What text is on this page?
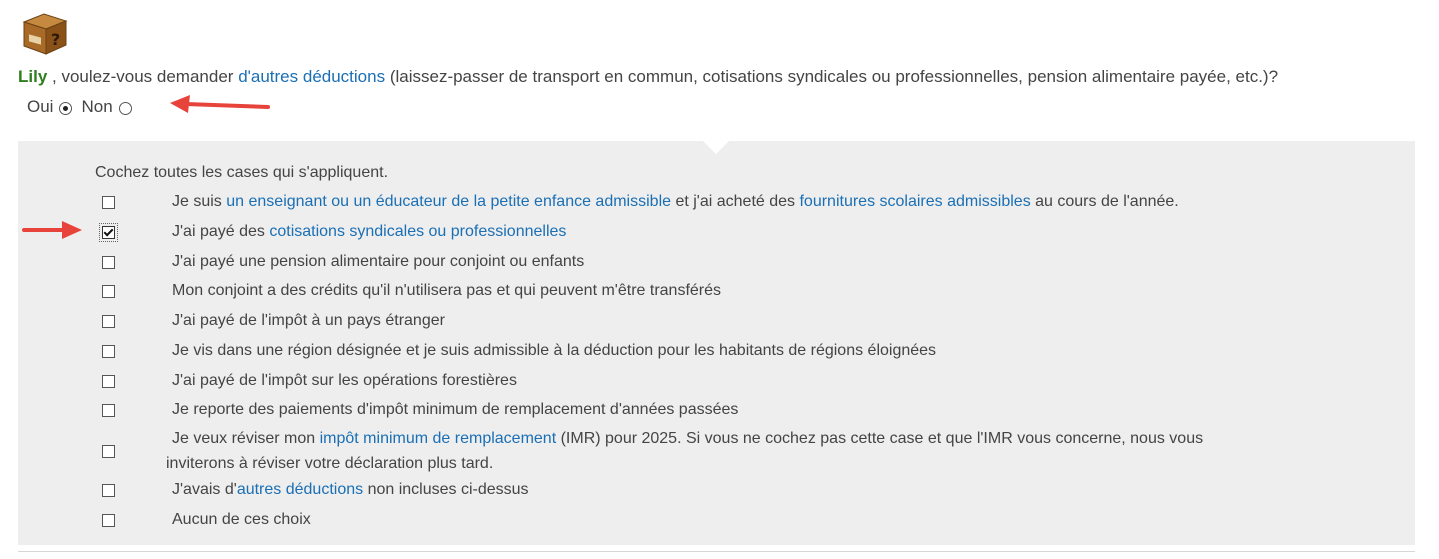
?
Lily , voulez-vous demander d'autres déductions (laissez-passer de transport en commun, cotisations syndicales ou professionnelles, pension alimentaire payée, etc.)?
Oui Non
Cochez toutes les cases qui s'appliquent.
Je suis un enseignant ou un éducateur de la petite enfance admissible et j'ai acheté des fournitures scolaires admissibles au cours de l'année.
J'ai payé des cotisations syndicales ou professionnelles
J'ai payé une pension alimentaire pour conjoint ou enfants
Mon conjoint a des crédits qu'il n'utilisera pas et qui peuvent m'être transférés
J'ai payé de l'impôt à un pays étranger
Je vis dans une région désignée et je suis admissible à la déduction pour les habitants de régions éloignées
J'ai payé de l'impôt sur les opérations forestières
Je reporte des paiements d'impôt minimum de remplacement d'années passées
Je veux réviser mon impôt minimum de remplacement (IMR) pour 2025. Si vous ne cochez pas cette case et que l'IMR vous concerne, nous vous
inviterons à réviser votre déclaration plus tard.
J'avais d'autres déductions non incluses ci-dessus
Aucun de ces choix
